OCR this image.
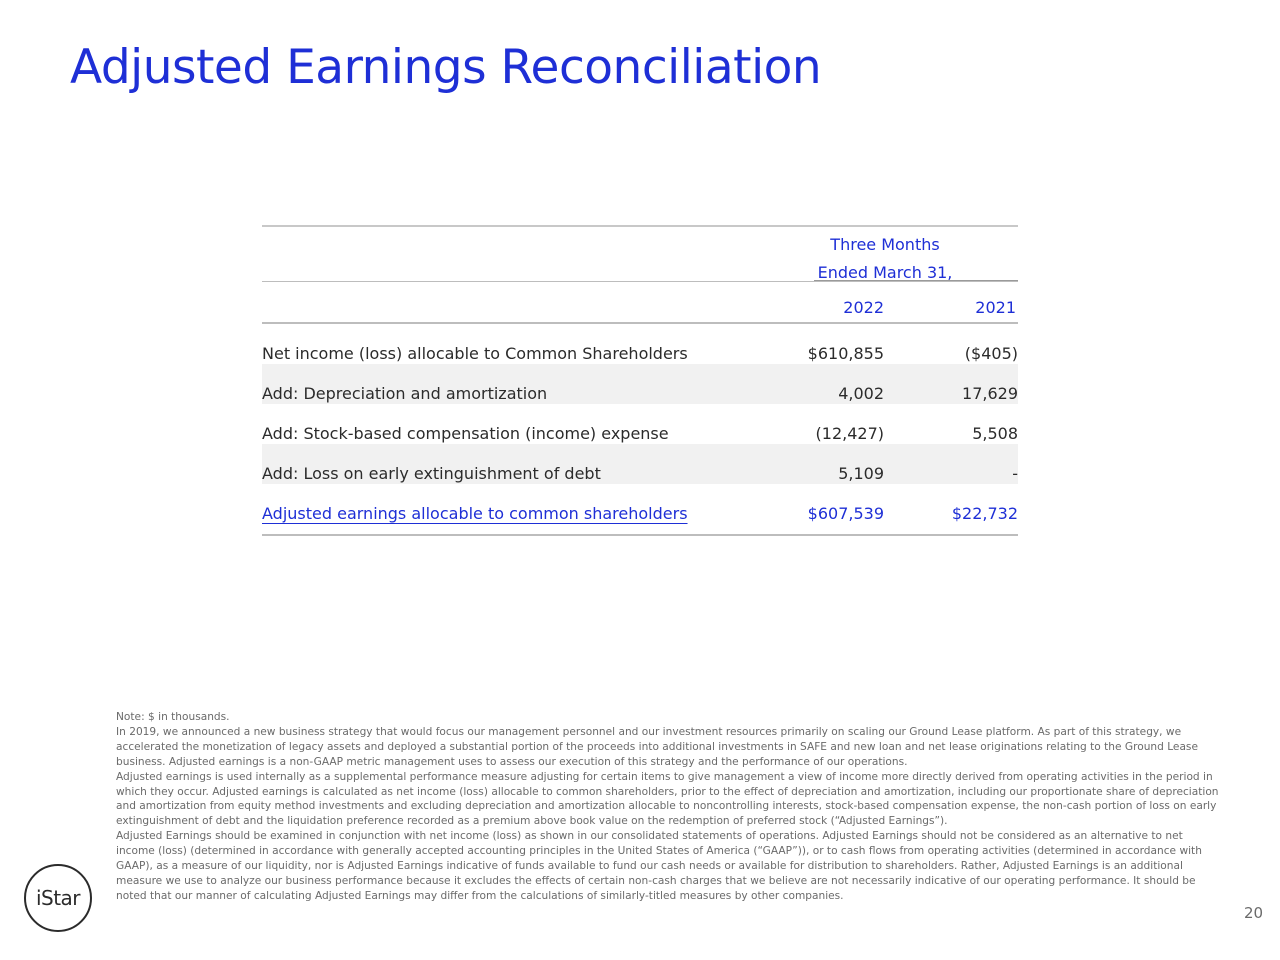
Adjusted Earnings Reconciliation
Three Months
Ended March 31,
2022	2021
Net income (loss) allocable to Common Shareholders	$610,855	($405)
Add: Depreciation and amortization	4,002	17,629
Add: Stock-based compensation (income) expense	(12,427)	5,508
Add: Loss on early extinguishment of debt	5,109	-
Adjusted earnings allocable to common shareholders	$607,539	$22,732

Note: $ in thousands.

In 2019, we announced a new business strategy that would focus our management personnel and our investment resources primarily on scaling our Ground Lease platform. As part of this strategy, we accelerated the monetization of legacy assets and deployed a substantial portion of the proceeds into additional investments in SAFE and new loan and net lease originations relating to the Ground Lease business. Adjusted earnings is a non-GAAP metric management uses to assess our execution of this strategy and the performance of our operations.

Adjusted earnings is used internally as a supplemental performance measure adjusting for certain items to give management a view of income more directly derived from operating activities in the period in which they occur. Adjusted earnings is calculated as net income (loss) allocable to common shareholders, prior to the effect of depreciation and amortization, including our proportionate share of depreciation and amortization from equity method investments and excluding depreciation and amortization allocable to noncontrolling interests, stock-based compensation expense, the non-cash portion of loss on early extinguishment of debt and the liquidation preference recorded as a premium above book value on the redemption of preferred stock (“Adjusted Earnings”).

Adjusted Earnings should be examined in conjunction with net income (loss) as shown in our consolidated statements of operations. Adjusted Earnings should not be considered as an alternative to net income (loss) (determined in accordance with generally accepted accounting principles in the United States of America (“GAAP”)), or to cash flows from operating activities (determined in accordance with GAAP), as a measure of our liquidity, nor is Adjusted Earnings indicative of funds available to fund our cash needs or available for distribution to shareholders. Rather, Adjusted Earnings is an additional measure we use to analyze our business performance because it excludes the effects of certain non-cash charges that we believe are not necessarily indicative of our operating performance. It should be noted that our manner of calculating Adjusted Earnings may differ from the calculations of similarly-titled measures by other companies.

iStar
20
